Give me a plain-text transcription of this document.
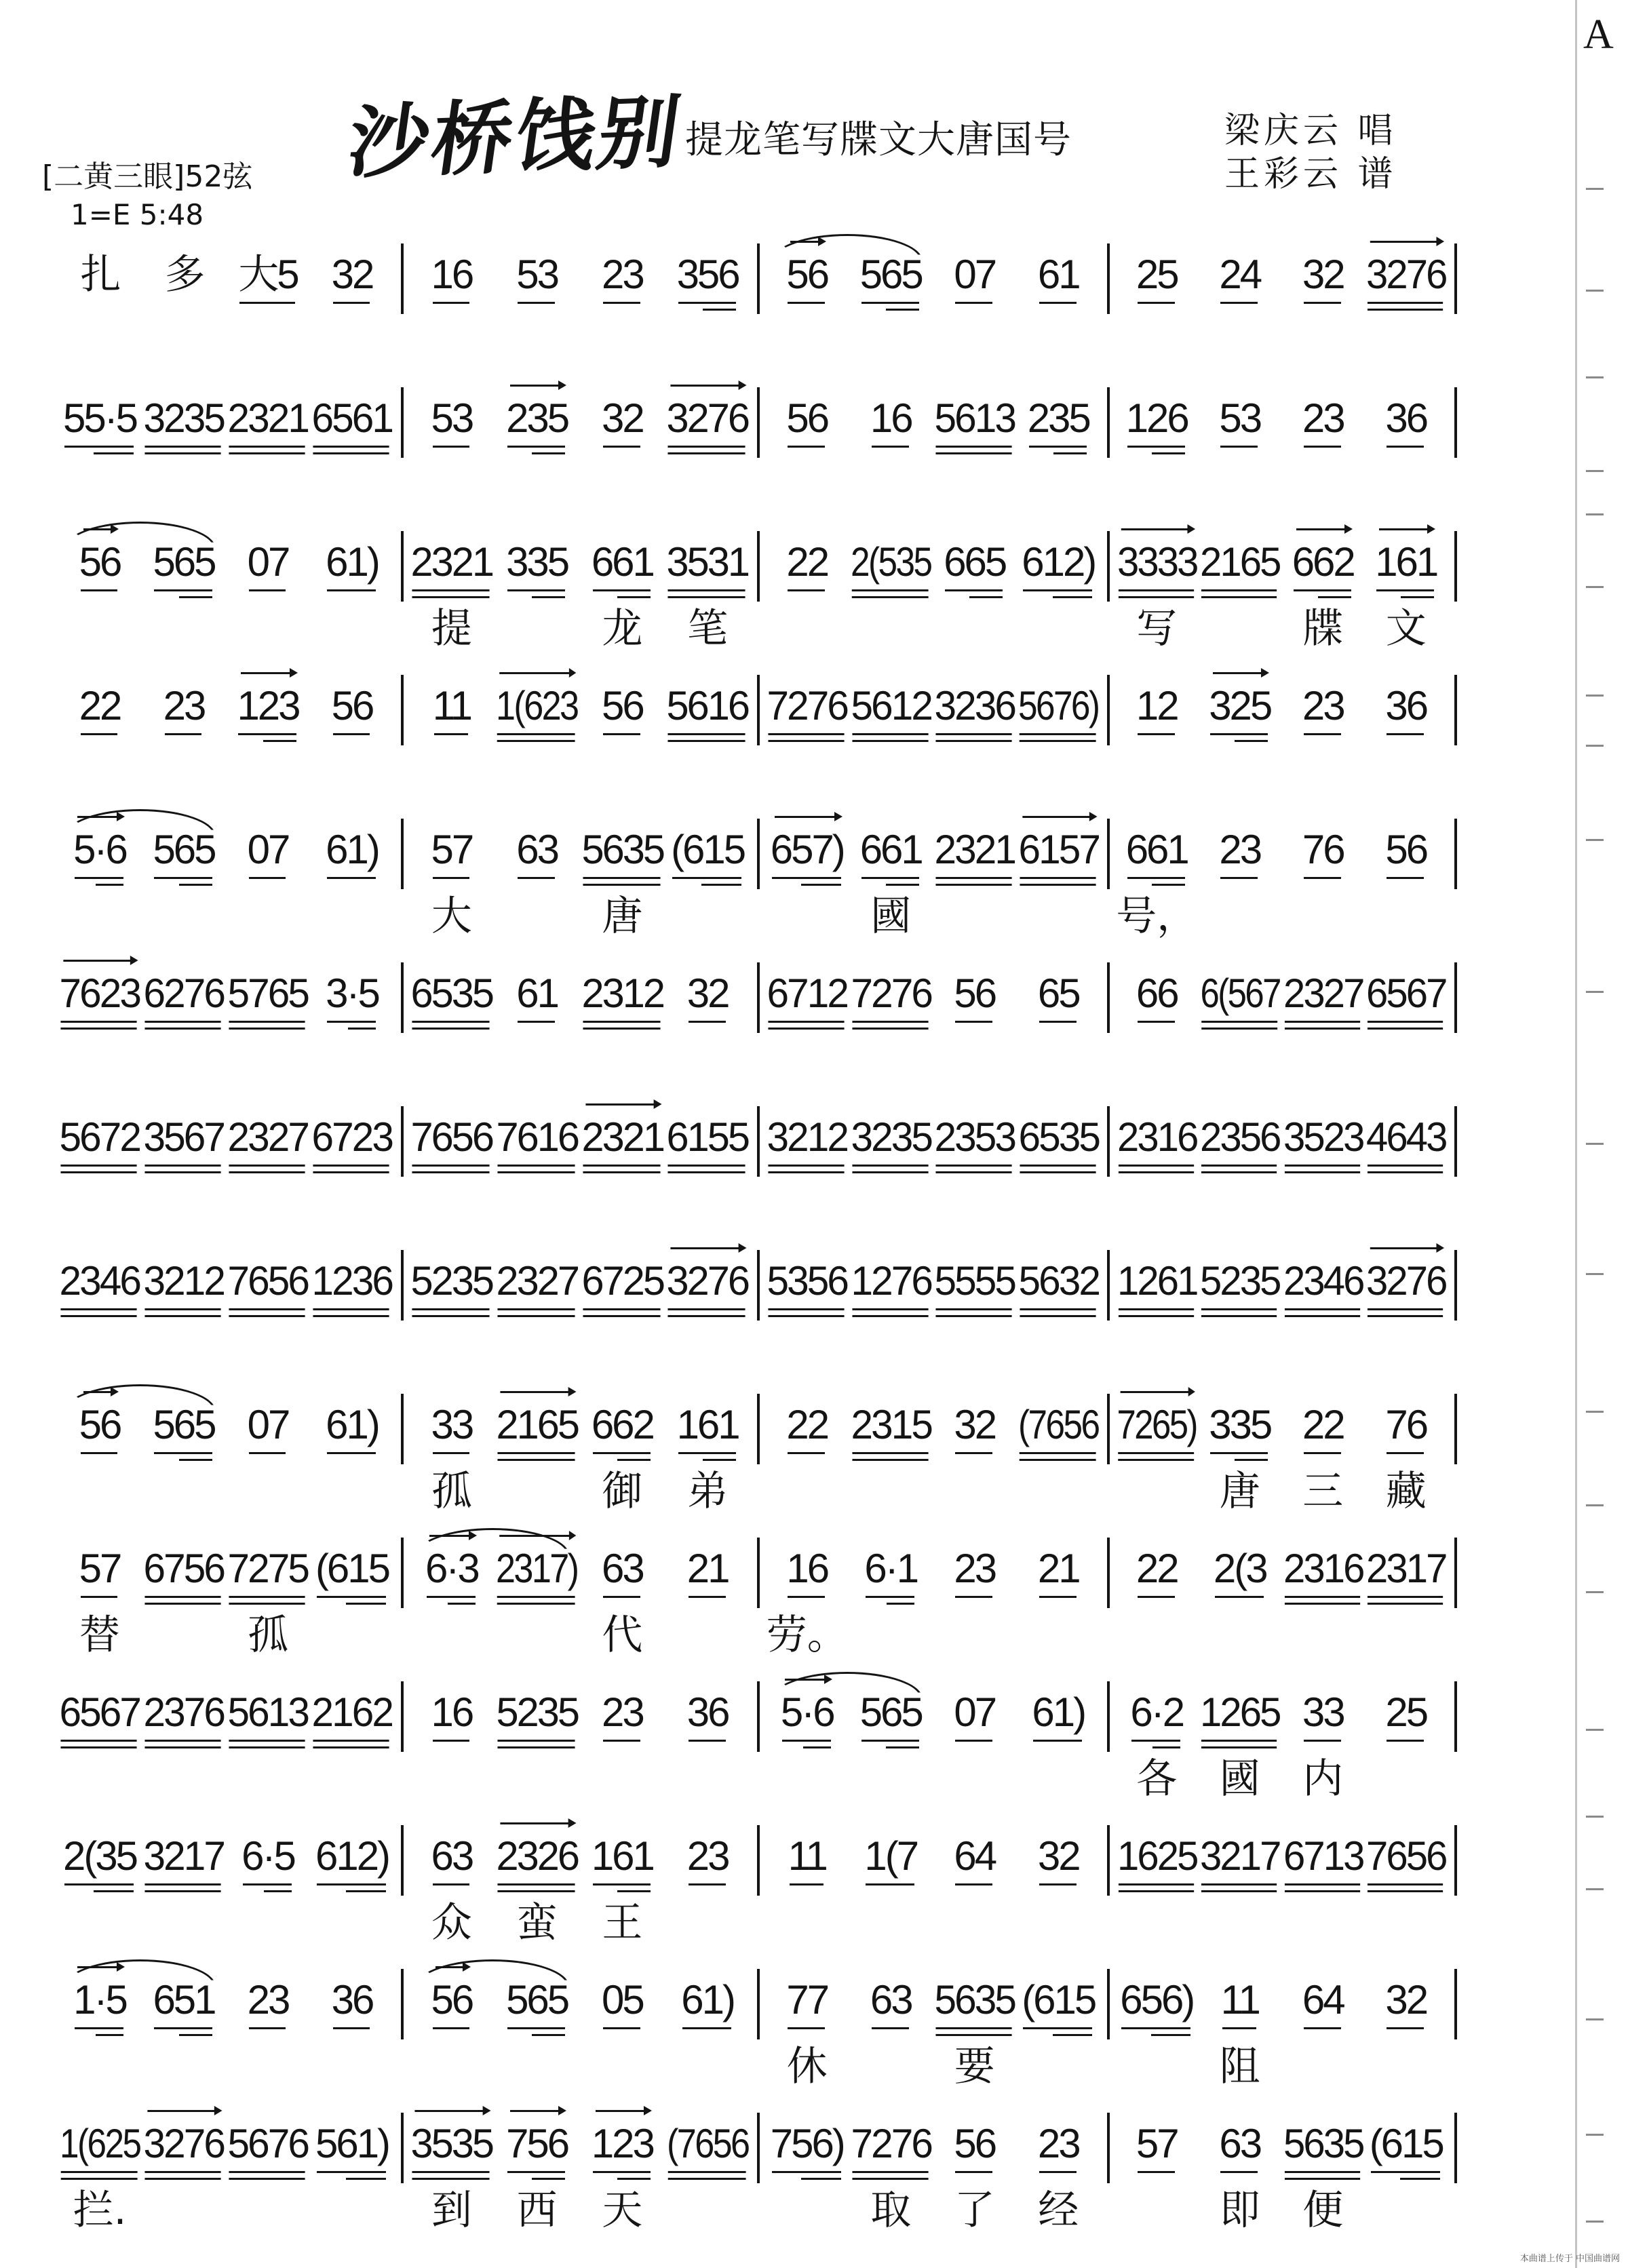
A
沙桥饯别
提龙笔写牒文大唐国号	梁庆云 唱
王彩云 谱
[二黄三眼]52弦
1=E 5:48
扎 多 大5 32 16 53 23 356 56 565 07 61 25 24 32 3276
55·5 3235 2321 6561 53 235 32 3276 56 16 5613 235 126 53 23 36
56 565 07 61) 2321
提
335 661
龙
3531
笔
22 2(535 665 612) 3333
写
2165 662
牒
161
文
22 23 123 56 11 1(623 56 5616 7276 5612 3236 5676) 12 325 23 36
5·6 565 07 61) 57
大
63 5635
唐
(615 657) 661
國
2321 6157 661
号，
23 76 56
7623 6276 5765 3·5 6535 61 2312 32 6712 7276 56 65 66 6(567 2327 6567
5672 3567 2327 6723 7656 7616 2321 6155 3212 3235 2353 6535 2316 2356 3523 4643
2346 3212 7656 1236 5235 2327 6725 3276 5356 1276 5555 5632 1261 5235 2346 3276
56 565 07 61) 33
孤
2165 662
御
161
弟
22 2315 32 (7656 7265) 335
唐
22
三
76
藏
57
替
6756 7275
孤
(615 6·3 2317) 63
代
21 16
劳。
6·1 23 21 22 2(3 2316 2317
6567 2376 5613 2162 16 5235 23 36 5·6 565 07 61) 6·2
各
1265
國
33
内
25
2(35 3217 6·5 612) 63
众
2326
蛮
161
王
23 11 1(7 64 32 1625 3217 6713 7656
1·5 651 23 36 56 565 05 61) 77
休
63 5635
要
(615 656) 11
阻
64 32
1(625
拦.
3276 5676 561) 3535
到
756
西
123
天
(7656 756) 7276
取
56
了
23
经
57 63
即
5635
便
(615
本曲谱上传于 中国曲谱网
